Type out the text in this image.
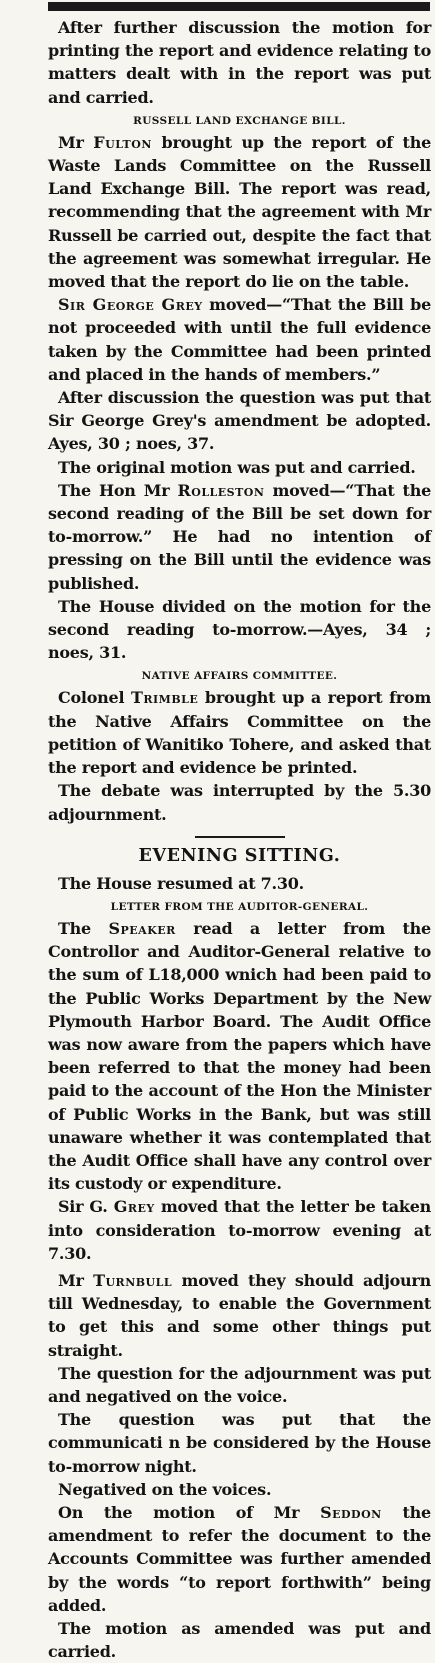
After further discussion the motion for printing the report and evidence relating to matters dealt with in the report was put and carried.

RUSSELL LAND EXCHANGE BILL.

Mr Fulton brought up the report of the Waste Lands Committee on the Russell Land Exchange Bill. The report was read, recommending that the agreement with Mr Russell be carried out, despite the fact that the agreement was somewhat irregular. He moved that the report do lie on the table.

Sir George Grey moved—“That the Bill be not proceeded with until the full evidence taken by the Committee had been printed and placed in the hands of members.”

After discussion the question was put that Sir George Grey's amendment be adopted. Ayes, 30 ; noes, 37.

The original motion was put and carried.

The Hon Mr Rolleston moved—“That the second reading of the Bill be set down for to-morrow.” He had no intention of pressing on the Bill until the evidence was published.

The House divided on the motion for the second reading to-morrow.—Ayes, 34 ; noes, 31.

NATIVE AFFAIRS COMMITTEE.

Colonel Trimble brought up a report from the Native Affairs Committee on the petition of Wanitiko Tohere, and asked that the report and evidence be printed.

The debate was interrupted by the 5.30 adjournment.

EVENING SITTING.

The House resumed at 7.30.

LETTER FROM THE AUDITOR-GENERAL.

The Speaker read a letter from the Controllor and Auditor-General relative to the sum of L18,000 wnich had been paid to the Public Works Department by the New Plymouth Harbor Board. The Audit Office was now aware from the papers which have been referred to that the money had been paid to the account of the Hon the Minister of Public Works in the Bank, but was still unaware whether it was contemplated that the Audit Office shall have any control over its custody or expenditure.

Sir G. Grey moved that the letter be taken into consideration to-morrow evening at 7.30.

Mr Turnbull moved they should adjourn till Wednesday, to enable the Government to get this and some other things put straight.

The question for the adjournment was put and negatived on the voice.

The question was put that the communicati n be considered by the House to-morrow night.

Negatived on the voices.

On the motion of Mr Seddon the amendment to refer the document to the Accounts Committee was further amended by the words “to report forthwith” being added.

The motion as amended was put and carried.
